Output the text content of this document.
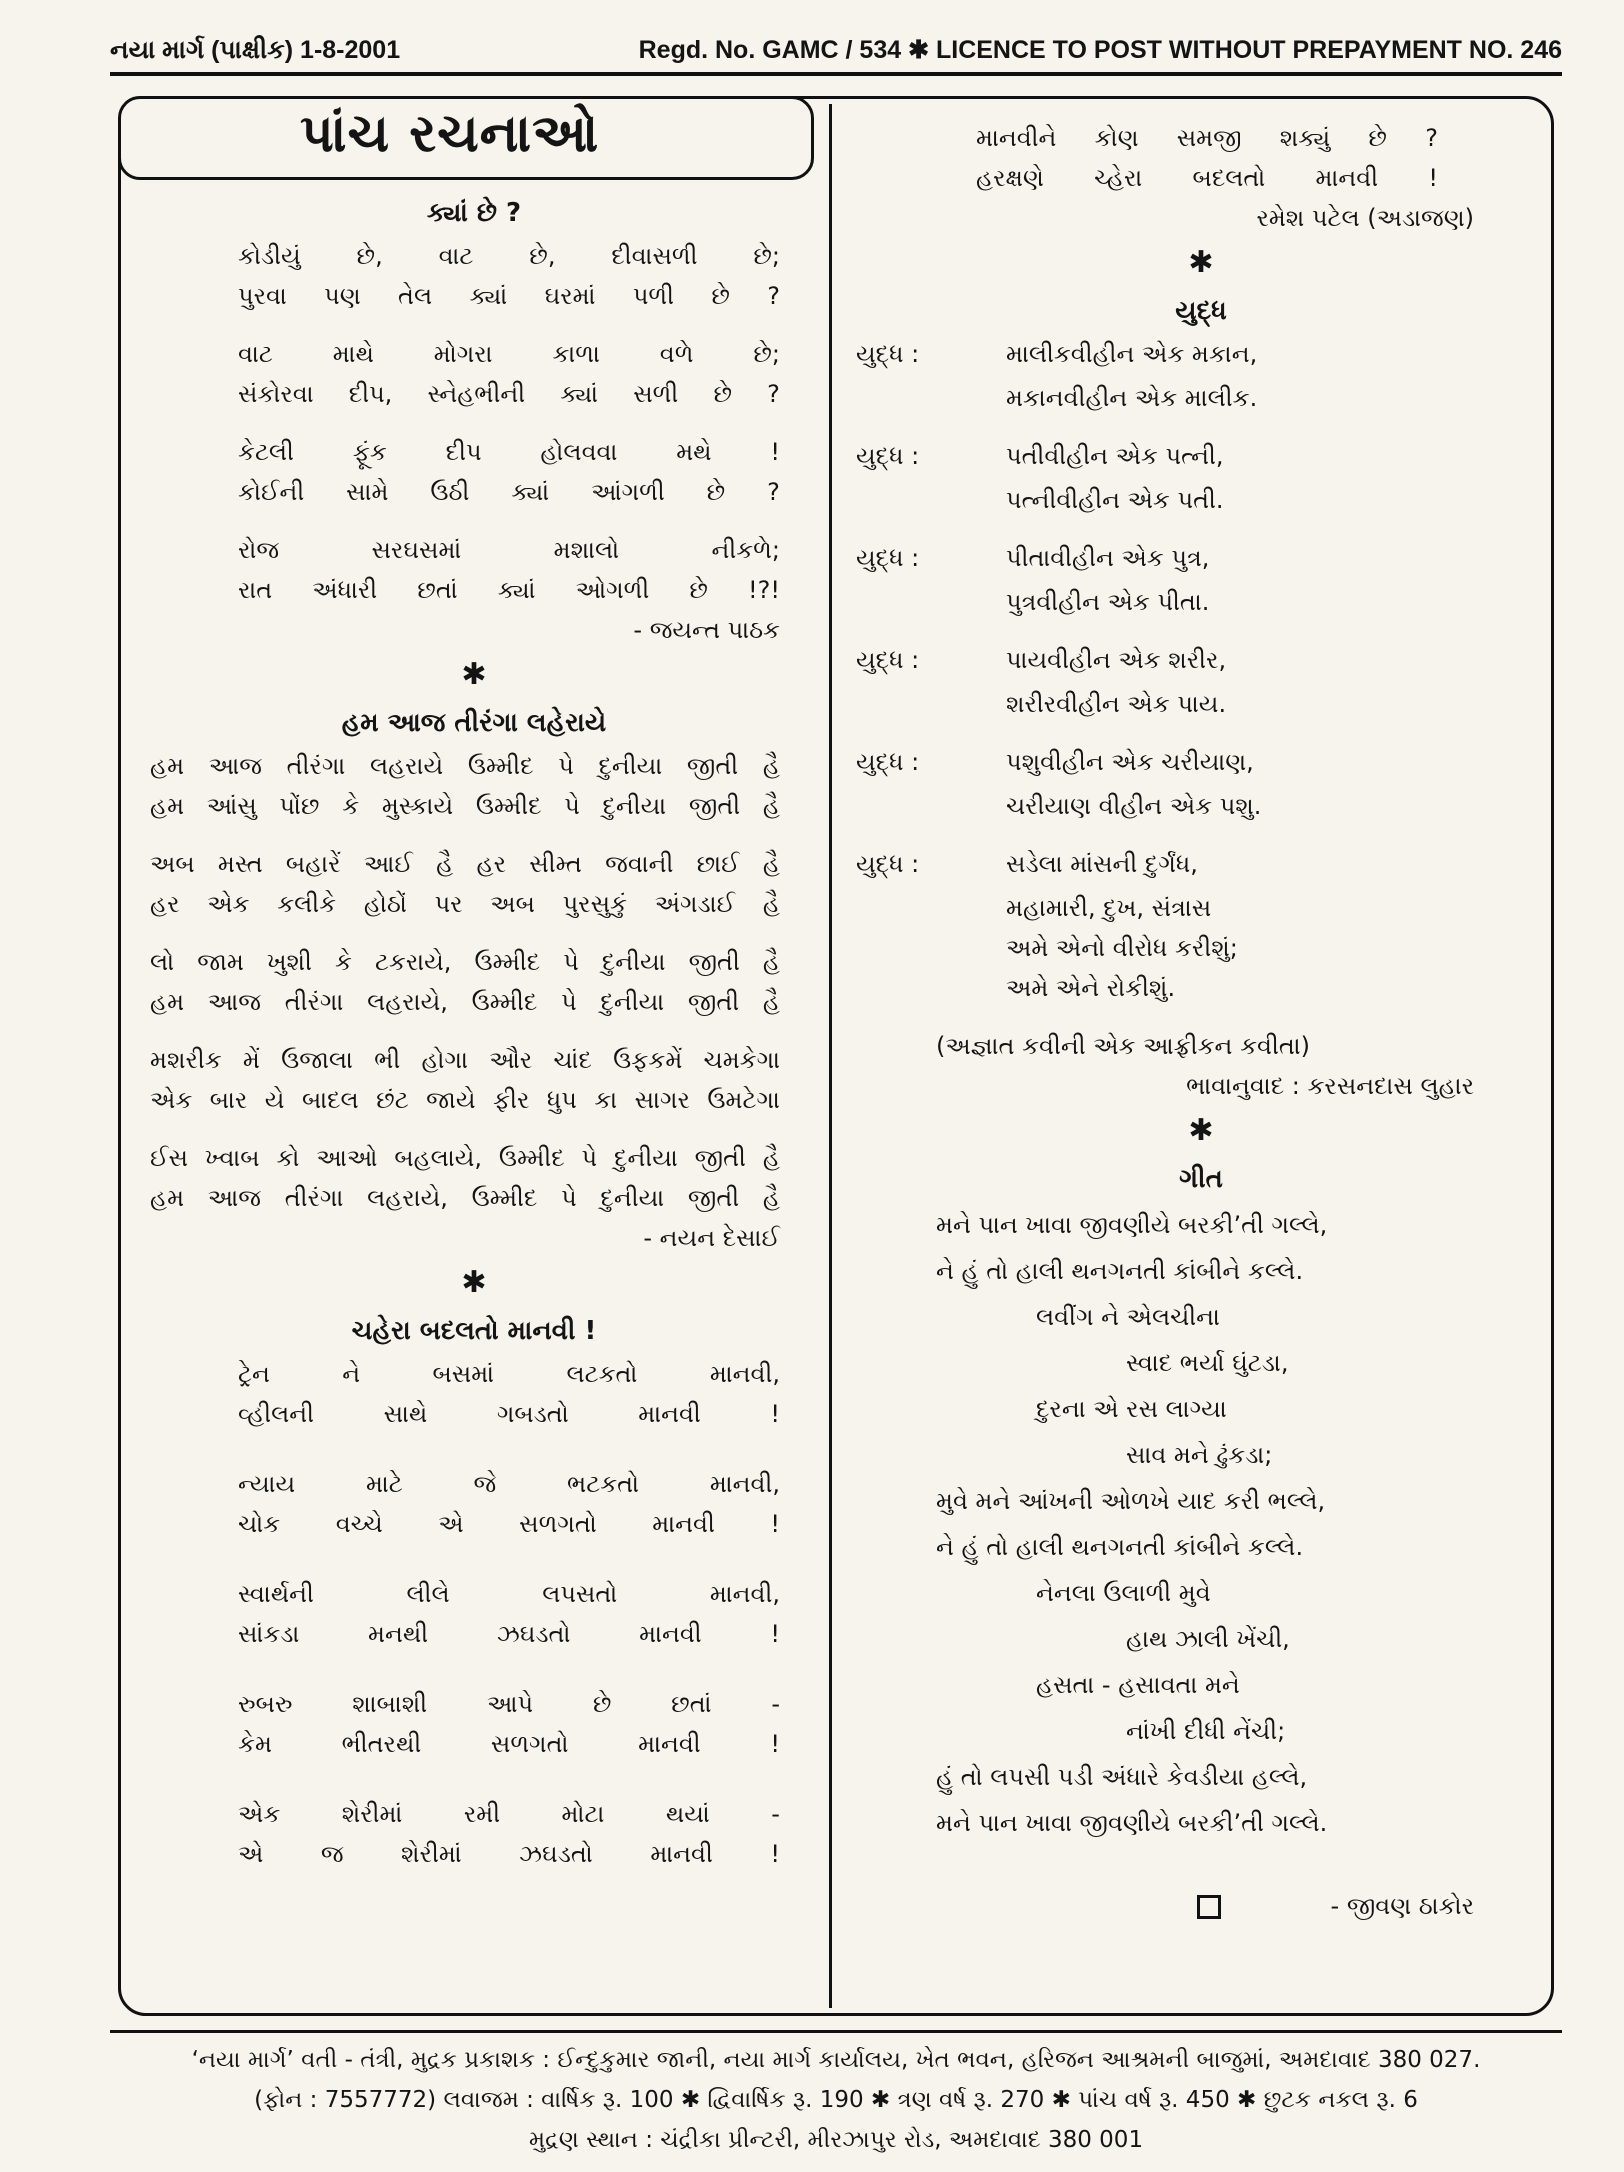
નયા માર્ગ (પાક્ષીક) 1-8-2001	Regd. No. GAMC / 534 ✱ LICENCE TO POST WITHOUT PREPAYMENT NO. 246
પાંચ રચનાઓ
ક્યાં છે ?
કોડીયું છે, વાટ છે, દીવાસળી છે;
પુરવા પણ તેલ ક્યાં ઘરમાં પળી છે ?
વાટ માથે મોગરા કાળા વળે છે;
સંકોરવા દીપ, સ્નેહભીની ક્યાં સળી છે ?
કેટલી ફૂંક દીપ હોલવવા મથે !
કોઈની સામે ઉઠી ક્યાં આંગળી છે ?
રોજ	સરઘસમાં	મશાલો	નીકળે;
રાત અંધારી છતાં ક્યાં ઓગળી છે !?!
- જયન્ત પાઠક
✱
હમ આજ તીરંગા લહેરાયે
હમ આજ તીરંગા લહરાયે ઉમ્મીદ પે દુનીયા જીતી હૈ
હમ આંસુ પોંછ કે મુસ્કાયે ઉમ્મીદ પે દુનીયા જીતી હૈ
અબ મસ્ત બહારેં આઈ હૈ હર સીમ્ત જવાની છાઈ હૈ
હર એક કલીકે હોઠોં પર અબ પુરસુકું અંગડાઈ હૈ
લો જામ ખુશી કે ટકરાયે, ઉમ્મીદ પે દુનીયા જીતી હૈ
હમ આજ તીરંગા લહરાયે, ઉમ્મીદ પે દુનીયા જીતી હૈ
મશરીક મેં ઉજાલા ભી હોગા ઔર ચાંદ ઉફકમેં ચમકેગા
એક બાર યે બાદલ છંટ જાયે ફીર ધુપ કા સાગર ઉમટેગા
ઈસ ખ્વાબ કો આઓ બહલાયે, ઉમ્મીદ પે દુનીયા જીતી હૈ
હમ આજ તીરંગા લહરાયે, ઉમ્મીદ પે દુનીયા જીતી હૈ
- નયન દેસાઈ
✱
ચહેરા બદલતો માનવી !
ટ્રેન	ને	બસમાં	લટકતો	માનવી,
વ્હીલની	સાથે	ગબડતો	માનવી	!
ન્યાય	માટે	જે	ભટકતો	માનવી,
ચોક વચ્ચે એ સળગતો માનવી !
સ્વાર્થની	લીલે	લપસતો	માનવી,
સાંકડા	મનથી	ઝઘડતો	માનવી	!
રુબરુ શાબાશી આપે છે છતાં -
કેમ	ભીતરથી	સળગતો	માનવી	!
એક	શેરીમાં	રમી	મોટા	થયાં	-
એ જ શેરીમાં ઝઘડતો માનવી !
માનવીને કોણ સમજી શક્યું છે ?
હરક્ષણે ચ્હેરા બદલતો માનવી !
રમેશ પટેલ (અડાજણ)
✱
યુદ્ધ
યુદ્ધ :	માલીકવીહીન એક મકાન,
મકાનવીહીન એક માલીક.
યુદ્ધ :	પતીવીહીન એક પત્ની,
પત્નીવીહીન એક પતી.
યુદ્ધ :	પીતાવીહીન એક પુત્ર,
પુત્રવીહીન એક પીતા.
યુદ્ધ :	પાયવીહીન એક શરીર,
શરીરવીહીન એક પાય.
યુદ્ધ :	પશુવીહીન એક ચરીયાણ,
ચરીયાણ વીહીન એક પશુ.
યુદ્ધ :	સડેલા માંસની દુર્ગંધ,
મહામારી, દુખ, સંત્રાસ
અમે એનો વીરોધ કરીશું;
અમે એને રોકીશું.
(અજ્ઞાત કવીની એક આફ્રીકન કવીતા)
ભાવાનુવાદ : કરસનદાસ લુહાર
✱
ગીત
મને પાન ખાવા જીવણીયે બરકી’તી ગલ્લે,
ને હું તો હાલી થનગનતી કાંબીને કલ્લે.
લવીંગ ને એલચીના
સ્વાદ ભર્યા ઘુંટડા,
દુરના એ રસ લાગ્યા
સાવ મને ઢુંકડા;
મુવે મને આંખની ઓળખે યાદ કરી ભલ્લે,
ને હું તો હાલી થનગનતી કાંબીને કલ્લે.
નેનલા ઉલાળી મુવે
હાથ ઝાલી ખેંચી,
હસતા - હસાવતા મને
નાંખી દીધી નેંચી;
હું તો લપસી પડી અંધારે કેવડીયા હલ્લે,
મને પાન ખાવા જીવણીયે બરકી’તી ગલ્લે.

- જીવણ ઠાકોર

‘નયા માર્ગ’ વતી - તંત્રી, મુદ્રક પ્રકાશક : ઈન્દુકુમાર જાની, નયા માર્ગ કાર્યાલય, ખેત ભવન, હરિજન આશ્રમની બાજુમાં, અમદાવાદ 380 027.
(ફોન : 7557772) લવાજમ : વાર્ષિક રૂ. 100 ✱ દ્વિવાર્ષિક રૂ. 190 ✱ ત્રણ વર્ષ રૂ. 270 ✱ પાંચ વર્ષ રૂ. 450 ✱ છુટક નકલ રૂ. 6
મુદ્રણ સ્થાન : ચંદ્રીકા પ્રીન્ટરી, મીરઝાપુર રોડ, અમદાવાદ 380 001
